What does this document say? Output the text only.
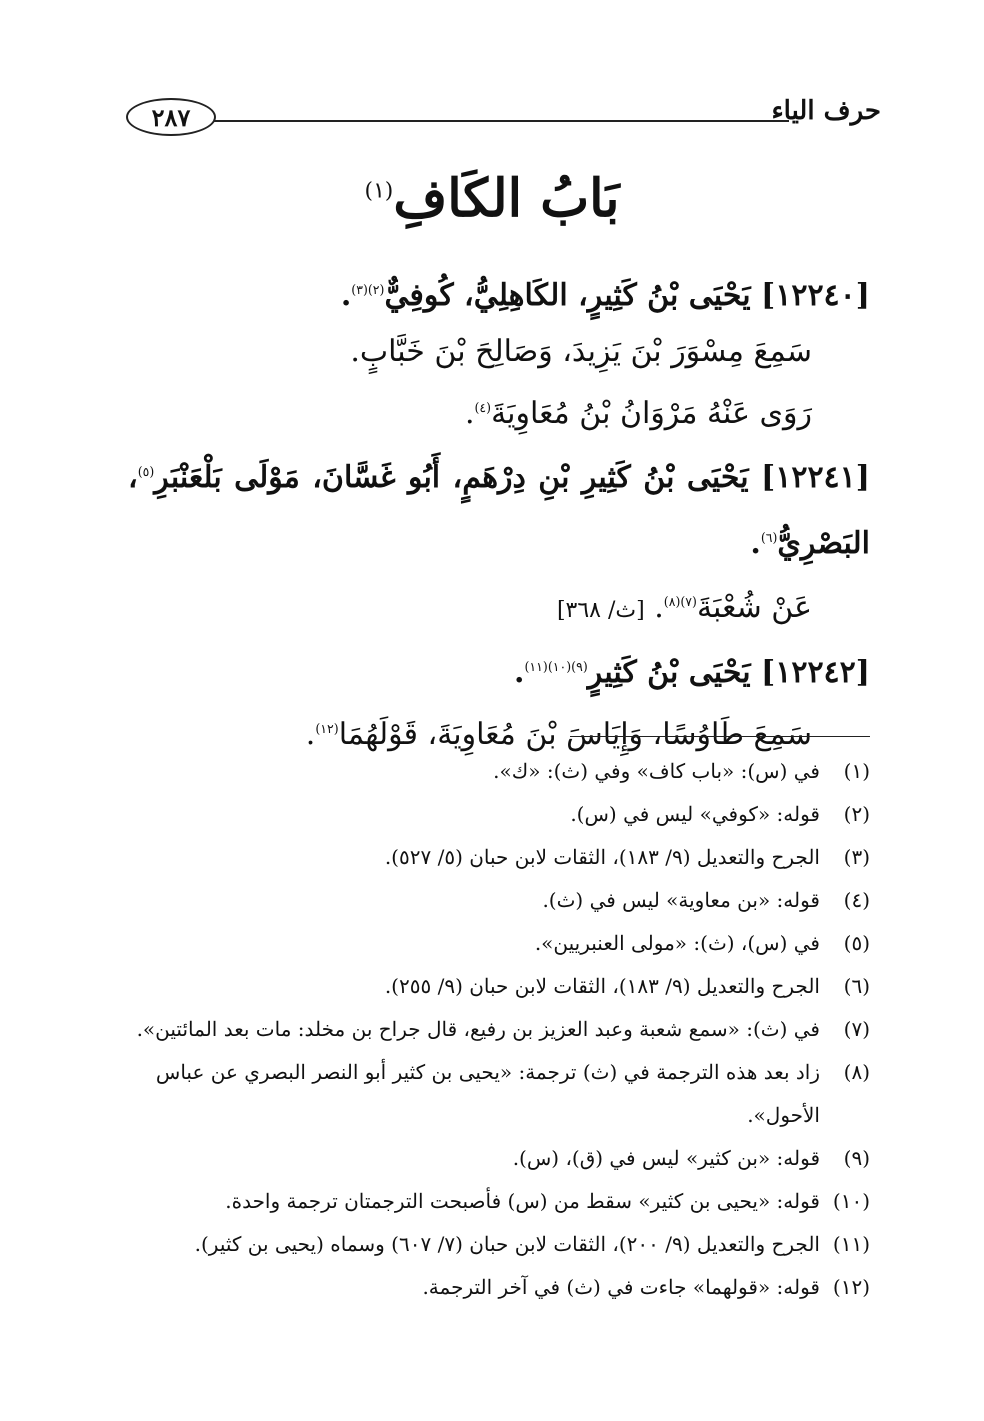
٢٨٧	حرف الياء
بَابُ الكَافِ$^{(١)}$
[١٢٢٤٠] يَحْيَى بْنُ كَثِيرٍ، الكَاهِلِيُّ، كُوفِيٌّ$^{(٢)(٣)}$.
سَمِعَ مِسْوَرَ بْنَ يَزِيدَ، وَصَالِحَ بْنَ خَبَّابٍ.
رَوَى عَنْهُ مَرْوَانُ بْنُ مُعَاوِيَةَ$^{(٤)}$.
[١٢٢٤١] يَحْيَى بْنُ كَثِيرِ بْنِ دِرْهَمٍ، أَبُو غَسَّانَ، مَوْلَى بَلْعَنْبَرِ$^{(٥)}$، البَصْرِيُّ$^{(٦)}$.
عَنْ شُعْبَةَ$^{(٧)(٨)}$. [ث/ ٣٦٨]
[١٢٢٤٢] يَحْيَى بْنُ كَثِيرٍ$^{(٩)(١٠)(١١)}$.
سَمِعَ طَاوُسًا، وَإِيَاسَ بْنَ مُعَاوِيَةَ، قَوْلَهُمَا$^{(١٢)}$.
(١)
في (س): «باب كاف» وفي (ث): «ك».
(٢)
قوله: «كوفي» ليس في (س).
(٣)
الجرح والتعديل (٩/ ١٨٣)، الثقات لابن حبان (٥/ ٥٢٧).
(٤)
قوله: «بن معاوية» ليس في (ث).
(٥)
في (س)، (ث): «مولى العنبريين».
(٦)
الجرح والتعديل (٩/ ١٨٣)، الثقات لابن حبان (٩/ ٢٥٥).
(٧)
في (ث): «سمع شعبة وعبد العزيز بن رفيع، قال جراح بن مخلد: مات بعد المائتين».
(٨)
زاد بعد هذه الترجمة في (ث) ترجمة: «يحيى بن كثير أبو النصر البصري عن عباس الأحول».
(٩)
قوله: «بن كثير» ليس في (ق)، (س).
(١٠)
قوله: «يحيى بن كثير» سقط من (س) فأصبحت الترجمتان ترجمة واحدة.
(١١)
الجرح والتعديل (٩/ ٢٠٠)، الثقات لابن حبان (٧/ ٦٠٧) وسماه (يحيى بن كثير).
(١٢)
قوله: «قولهما» جاءت في (ث) في آخر الترجمة.
